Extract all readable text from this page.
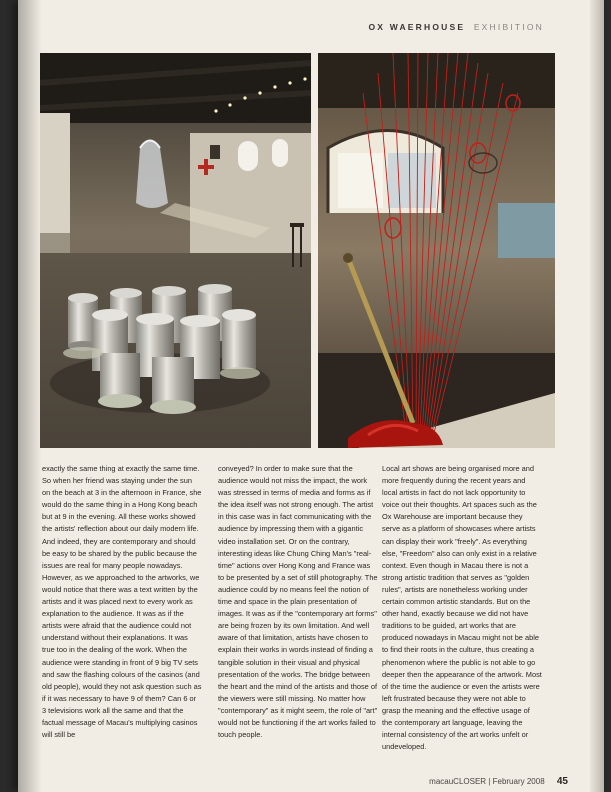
OX WAERHOUSE EXHIBITION

exactly the same thing at exactly the same time. So when her friend was staying under the sun on the beach at 3 in the afternoon in France, she would do the same thing in a Hong Kong beach but at 9 in the evening. All these works showed the artists' reflection about our daily modern life. And indeed, they are contemporary and should be easy to be shared by the public because the issues are real for many people nowadays. However, as we approached to the artworks, we would notice that there was a text written by the artists and it was placed next to every work as explanation to the audience. It was as if the artists were afraid that the audience could not understand without their explanations. It was true too in the dealing of the work. When the audience were standing in front of 9 big TV sets and saw the flashing colours of the casinos (and old people), would they not ask question such as if it was necessary to have 9 of them? Can 6 or 3 televisions work all the same and that the factual message of Macau's multiplying casinos will still be

conveyed? In order to make sure that the audience would not miss the impact, the work was stressed in terms of media and forms as if the idea itself was not strong enough. The artist in this case was in fact communicating with the audience by impressing them with a gigantic video installation set. Or on the contrary, interesting ideas like Chung Ching Man's "real-time" actions over Hong Kong and France was to be presented by a set of still photography. The audience could by no means feel the notion of time and space in the plain presentation of images. It was as if the "contemporary art forms" are being frozen by its own limitation. And well aware of that limitation, artists have chosen to explain their works in words instead of finding a tangible solution in their visual and physical presentation of the works. The bridge between the heart and the mind of the artists and those of the viewers were still missing. No matter how "contemporary" as it might seem, the role of "art" would not be functioning if the art works failed to touch people.

Local art shows are being organised more and more frequently during the recent years and local artists in fact do not lack opportunity to voice out their thoughts. Art spaces such as the Ox Warehouse are important because they serve as a platform of showcases where artists can display their work "freely". As everything else, "Freedom" also can only exist in a relative context. Even though in Macau there is not a strong artistic tradition that serves as "golden rules", artists are nonetheless working under certain common artistic standards. But on the other hand, exactly because we did not have traditions to be guided, art works that are produced nowadays in Macau might not be able to find their roots in the culture, thus creating a phenomenon where the public is not able to go deeper then the appearance of the artwork. Most of the time the audience or even the artists were left frustrated because they were not able to grasp the meaning and the effective usage of the contemporary art language, leaving the internal consistency of the art works unfelt or undeveloped.

macauCLOSER | February 2008 45
